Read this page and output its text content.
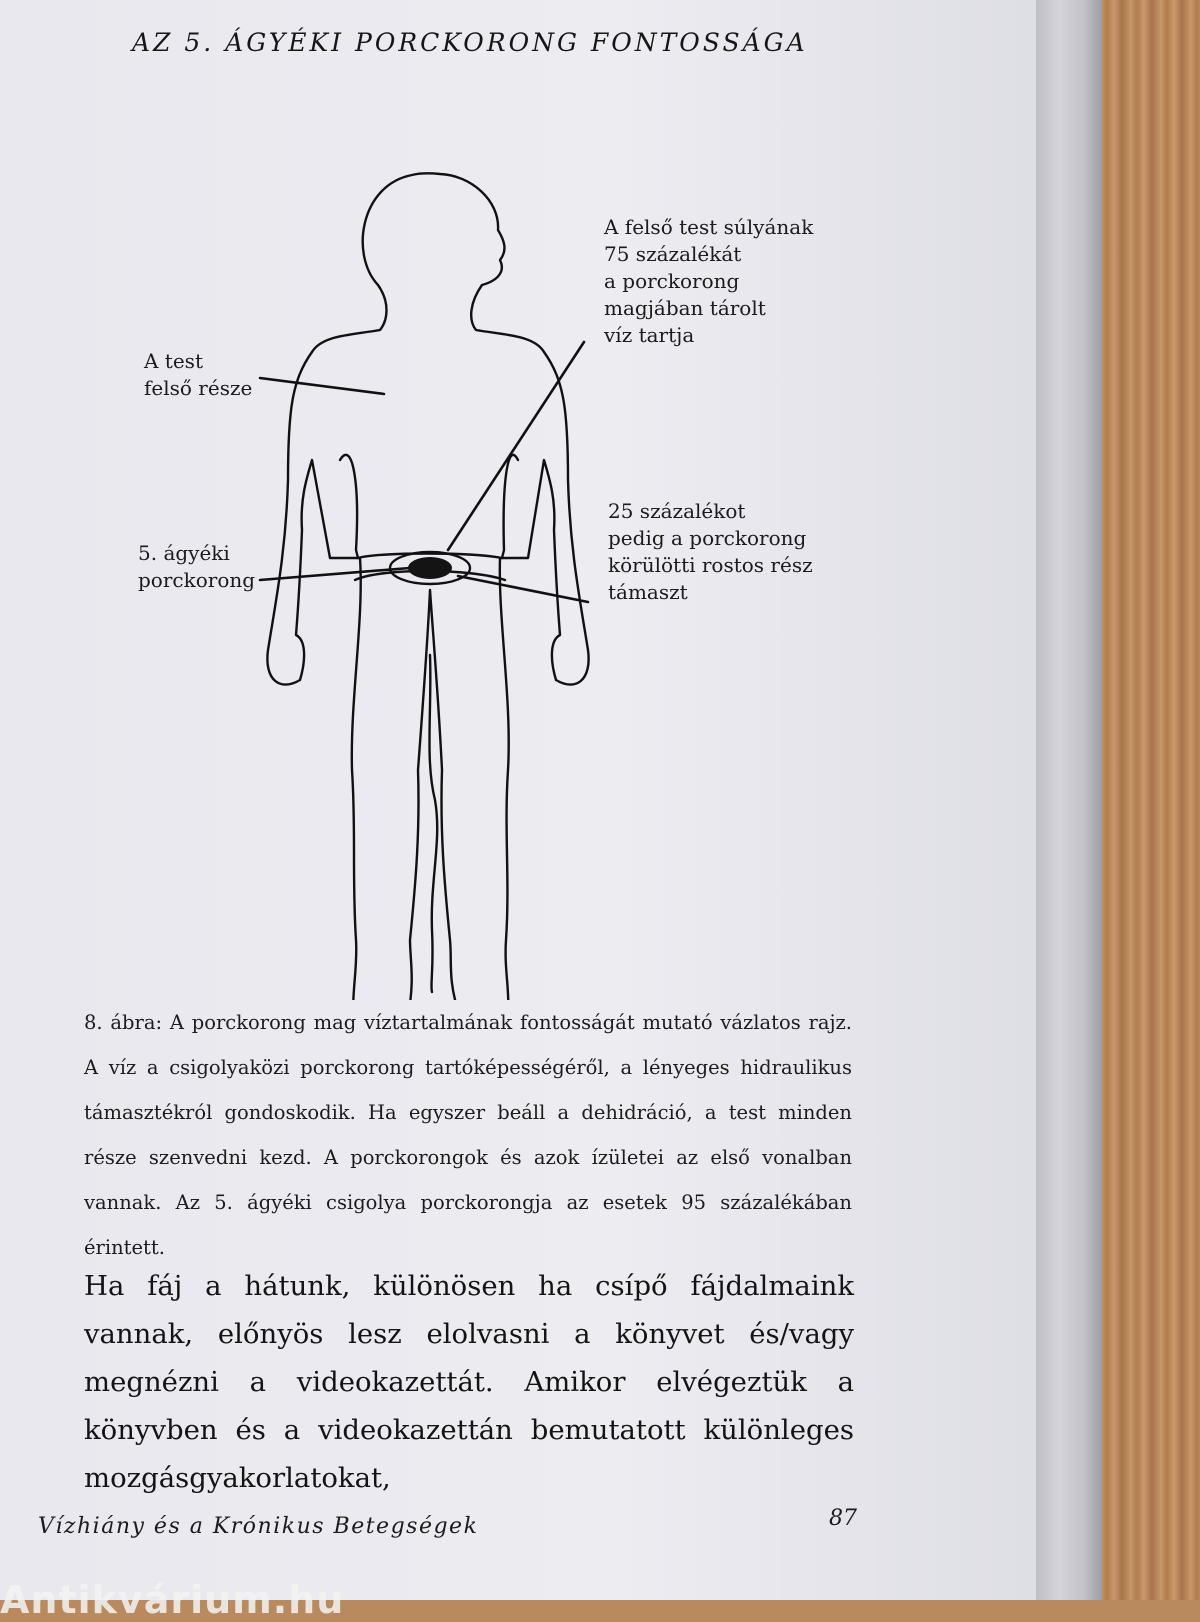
AZ 5. ÁGYÉKI PORCKORONG FONTOSSÁGA
A test
felső része
5. ágyéki
porckorong
A felső test súlyának
75 százalékát
a porckorong
magjában tárolt
víz tartja
25 százalékot
pedig a porckorong
körülötti rostos rész
támaszt
8. ábra: A porckorong mag víztartalmának fontosságát mutató vázlatos rajz. A víz a csigolyaközi porckorong tartóképességéről, a lényeges hidraulikus támasztékról gondoskodik. Ha egyszer beáll a dehidráció, a test minden része szenvedni kezd. A porckorongok és azok ízületei az első vonalban vannak. Az 5. ágyéki csigolya porckorongja az esetek 95 százalékában érintett.
Ha fáj a hátunk, különösen ha csípő fájdalmaink vannak, előnyös lesz elolvasni a könyvet és/vagy megnézni a videokazettát. Amikor elvégeztük a könyvben és a videokazettán bemutatott különleges mozgásgyakorlatokat,
Vízhiány és a Krónikus Betegségek	87
Antikvárium.hu
